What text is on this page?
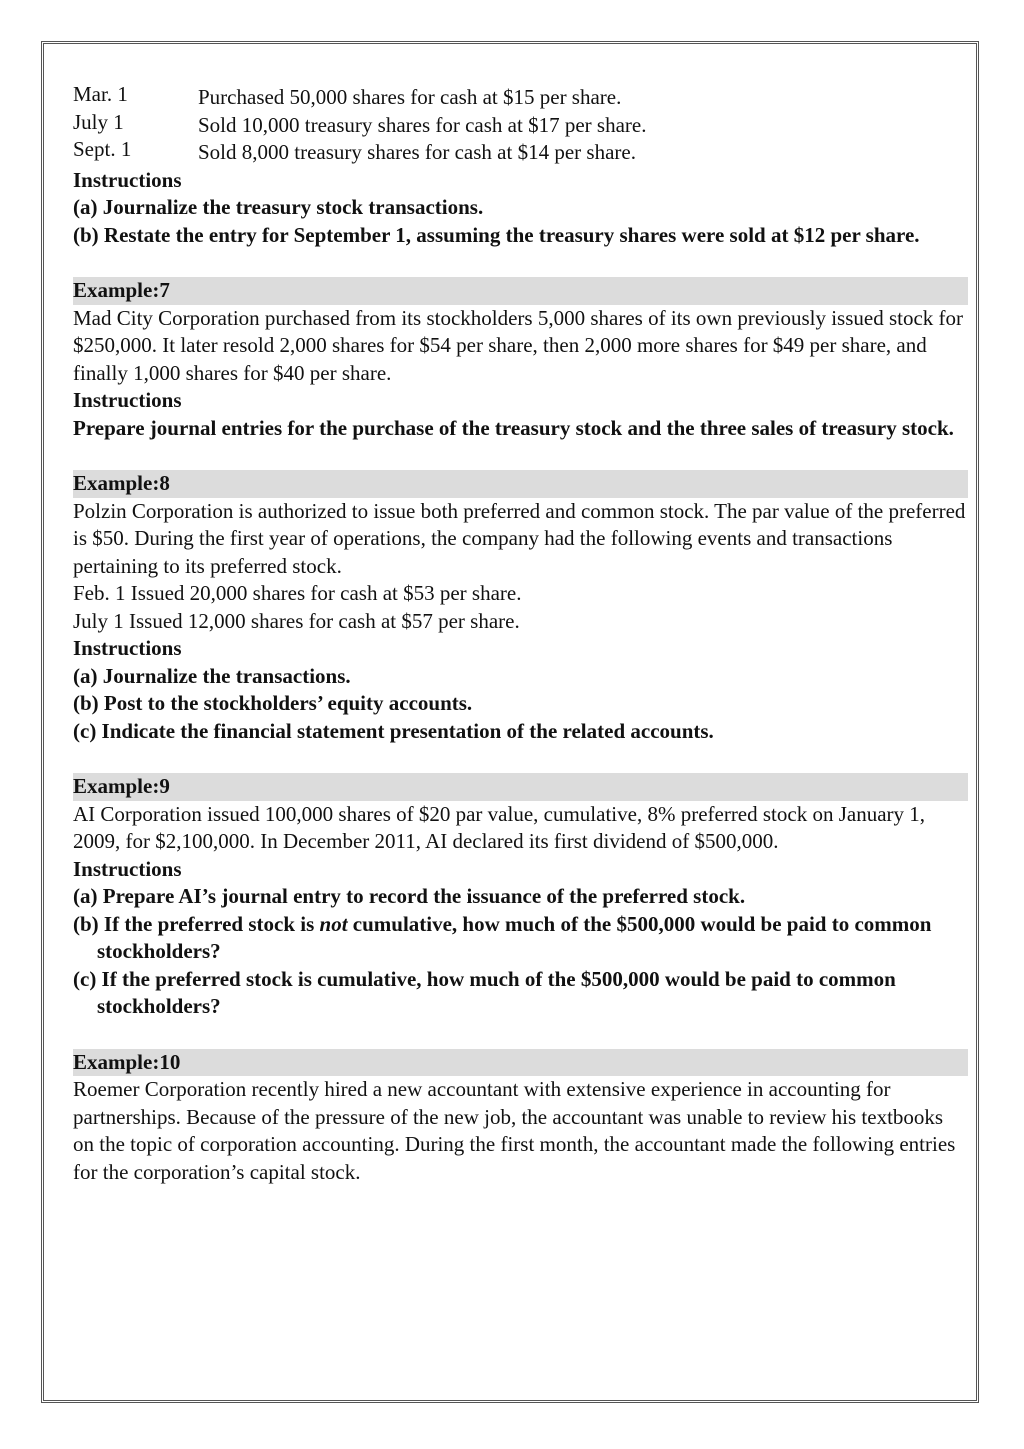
Mar. 1	Purchased 50,000 shares for cash at $15 per share.
July 1	Sold 10,000 treasury shares for cash at $17 per share.
Sept. 1	Sold 8,000 treasury shares for cash at $14 per share.

Instructions

(a) Journalize the treasury stock transactions.

(b) Restate the entry for September 1, assuming the treasury shares were sold at $12 per share.

Example:7

Mad City Corporation purchased from its stockholders 5,000 shares of its own previously issued stock for $250,000. It later resold 2,000 shares for $54 per share, then 2,000 more shares for $49 per share, and finally 1,000 shares for $40 per share.

Instructions

Prepare journal entries for the purchase of the treasury stock and the three sales of treasury stock.

Example:8

Polzin Corporation is authorized to issue both preferred and common stock. The par value of the preferred is $50. During the first year of operations, the company had the following events and transactions pertaining to its preferred stock.

Feb. 1 Issued 20,000 shares for cash at $53 per share.

July 1 Issued 12,000 shares for cash at $57 per share.

Instructions

(a) Journalize the transactions.

(b) Post to the stockholders’ equity accounts.

(c) Indicate the financial statement presentation of the related accounts.

Example:9

AI Corporation issued 100,000 shares of $20 par value, cumulative, 8% preferred stock on January 1, 2009, for $2,100,000. In December 2011, AI declared its first dividend of $500,000.

Instructions

(a) Prepare AI’s journal entry to record the issuance of the preferred stock.

(b) If the preferred stock is not cumulative, how much of the $500,000 would be paid to common stockholders?

(c) If the preferred stock is cumulative, how much of the $500,000 would be paid to common stockholders?

Example:10

Roemer Corporation recently hired a new accountant with extensive experience in accounting for partnerships. Because of the pressure of the new job, the accountant was unable to review his textbooks on the topic of corporation accounting. During the first month, the accountant made the following entries for the corporation’s capital stock.
